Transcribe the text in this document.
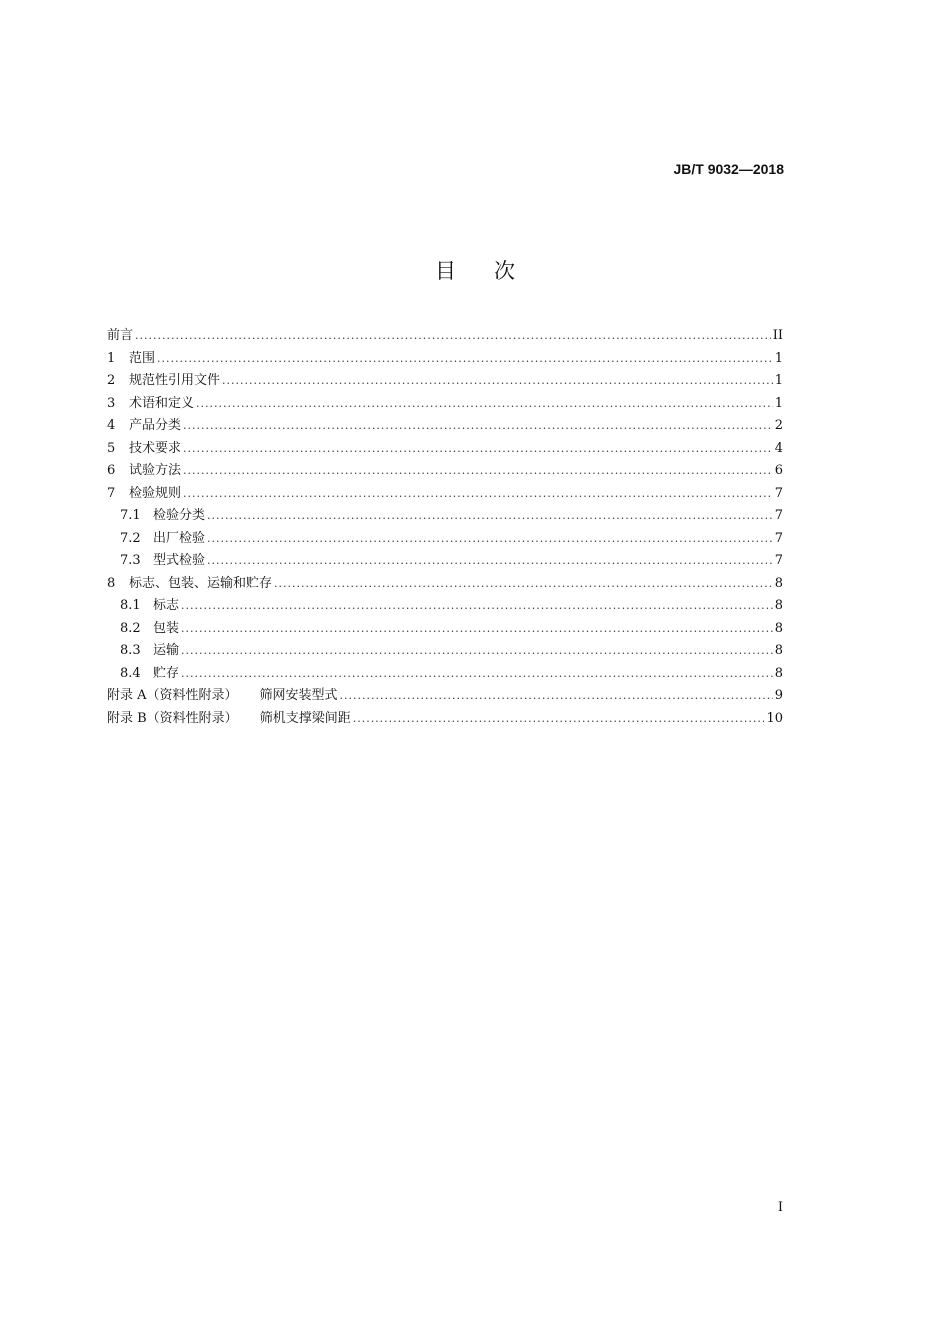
JB/T 9032—2018
目次
前言 .....	II
1	范围 .....	1
2	规范性引用文件 .....	1
3	术语和定义 .....	1
4	产品分类 .....	2
5	技术要求 .....	4
6	试验方法 .....	6
7	检验规则 .....	7
7.1 检验分类 .....	7
7.2 出厂检验 .....	7
7.3 型式检验 .....	7
8	标志、包装、运输和贮存 .....	8
8.1 标志 .....	8
8.2 包装 .....	8
8.3 运输 .....	8
8.4 贮存 .....	8
附录 A（资料性附录） 筛网安装型式 .....	9
附录 B（资料性附录） 筛机支撑梁间距 .....	10
I
